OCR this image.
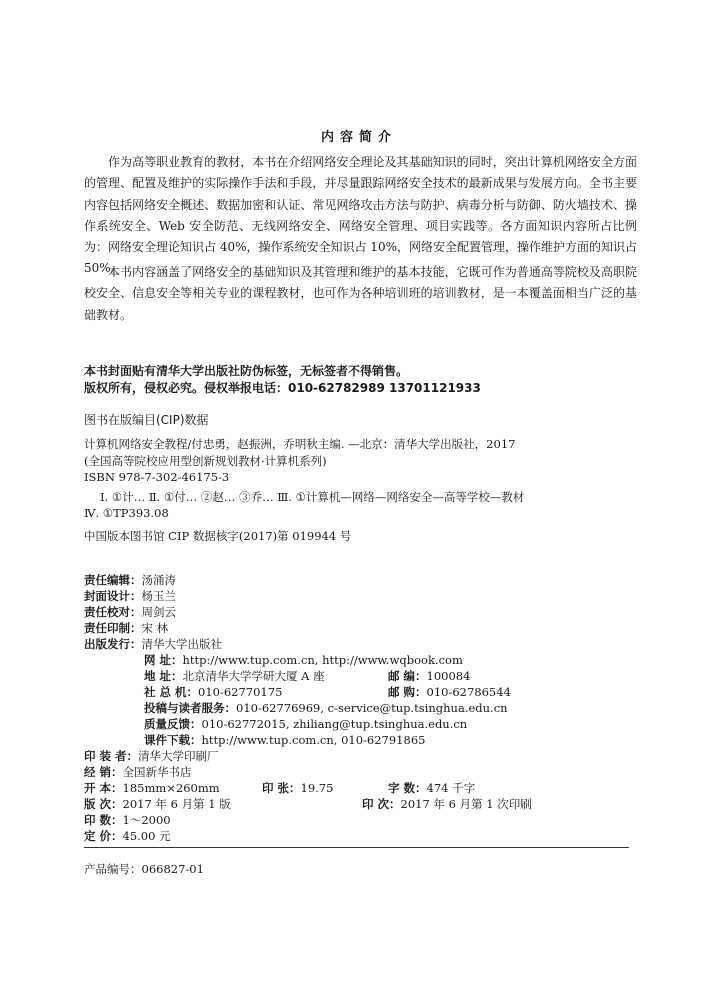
内容简介
作为高等职业教育的教材，本书在介绍网络安全理论及其基础知识的同时，突出计算机网络安全方面的管理、配置及维护的实际操作手法和手段，并尽量跟踪网络安全技术的最新成果与发展方向。全书主要内容包括网络安全概述、数据加密和认证、常见网络攻击方法与防护、病毒分析与防御、防火墙技术、操作系统安全、Web 安全防范、无线网络安全、网络安全管理、项目实践等。各方面知识内容所占比例为：网络安全理论知识占 40%，操作系统安全知识占 10%，网络安全配置管理，操作维护方面的知识占 50%。
本书内容涵盖了网络安全的基础知识及其管理和维护的基本技能，它既可作为普通高等院校及高职院校安全、信息安全等相关专业的课程教材，也可作为各种培训班的培训教材，是一本覆盖面相当广泛的基础教材。
本书封面贴有清华大学出版社防伪标签，无标签者不得销售。
版权所有，侵权必究。侵权举报电话：010-62782989 13701121933
图书在版编目(CIP)数据
计算机网络安全教程/付忠勇，赵振洲，乔明秋主编. —北京：清华大学出版社，2017
(全国高等院校应用型创新规划教材·计算机系列)
ISBN 978-7-302-46175-3
Ⅰ. ①计… Ⅱ. ①付… ②赵… ③乔… Ⅲ. ①计算机—网络—网络安全—高等学校—教材
Ⅳ. ①TP393.08
中国版本图书馆 CIP 数据核字(2017)第 019944 号
责任编辑：汤涌涛
封面设计：杨玉兰
责任校对：周剑云
责任印制：宋 林
出版发行：清华大学出版社
网 址：http://www.tup.com.cn, http://www.wqbook.com
地 址：北京清华大学学研大厦 A 座	邮 编：100084
社 总 机：010-62770175	邮 购：010-62786544
投稿与读者服务：010-62776969, c-service@tup.tsinghua.edu.cn
质量反馈：010-62772015, zhiliang@tup.tsinghua.edu.cn
课件下载：http://www.tup.com.cn, 010-62791865
印 装 者：清华大学印刷厂
经 销：全国新华书店
开 本：185mm×260mm	印 张：19.75	字 数：474 千字
版 次：2017 年 6 月第 1 版	印 次：2017 年 6 月第 1 次印刷
印 数：1～2000
定 价：45.00 元
产品编号：066827-01
